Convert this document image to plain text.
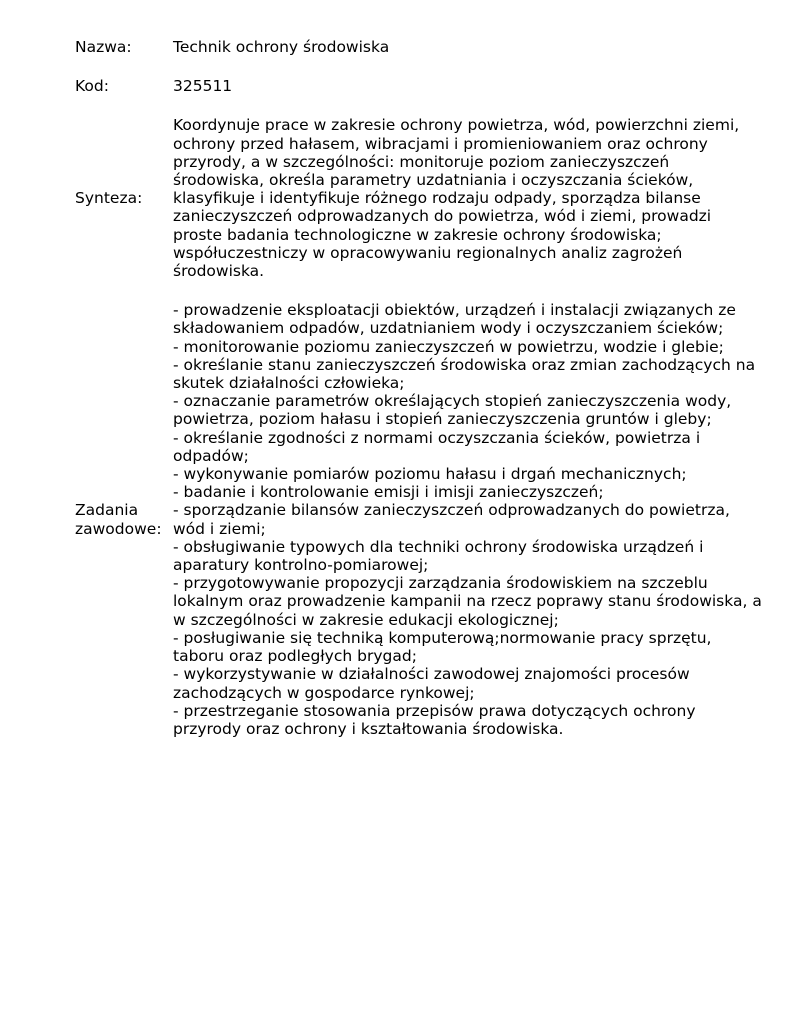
Nazwa:	Technik ochrony środowiska
Kod:	325511
Synteza:
Koordynuje prace w zakresie ochrony powietrza, wód, powierzchni ziemi, ochrony przed hałasem, wibracjami i promieniowaniem oraz ochrony przyrody, a w szczególności: monitoruje poziom zanieczyszczeń środowiska, określa parametry uzdatniania i oczyszczania ścieków, klasyfikuje i identyfikuje różnego rodzaju odpady, sporządza bilanse zanieczyszczeń odprowadzanych do powietrza, wód i ziemi, prowadzi proste badania technologiczne w zakresie ochrony środowiska; współuczestniczy w opracowywaniu regionalnych analiz zagrożeń środowiska.
Zadania
zawodowe:
- prowadzenie eksploatacji obiektów, urządzeń i instalacji związanych ze składowaniem odpadów, uzdatnianiem wody i oczyszczaniem ścieków;
- monitorowanie poziomu zanieczyszczeń w powietrzu, wodzie i glebie;
- określanie stanu zanieczyszczeń środowiska oraz zmian zachodzących na skutek działalności człowieka;
- oznaczanie parametrów określających stopień zanieczyszczenia wody, powietrza, poziom hałasu i stopień zanieczyszczenia gruntów i gleby;
- określanie zgodności z normami oczyszczania ścieków, powietrza i odpadów;
- wykonywanie pomiarów poziomu hałasu i drgań mechanicznych;
- badanie i kontrolowanie emisji i imisji zanieczyszczeń;
- sporządzanie bilansów zanieczyszczeń odprowadzanych do powietrza, wód i ziemi;
- obsługiwanie typowych dla techniki ochrony środowiska urządzeń i aparatury kontrolno-pomiarowej;
- przygotowywanie propozycji zarządzania środowiskiem na szczeblu lokalnym oraz prowadzenie kampanii na rzecz poprawy stanu środowiska, a w szczególności w zakresie edukacji ekologicznej;
- posługiwanie się techniką komputerową;normowanie pracy sprzętu, taboru oraz podległych brygad;
- wykorzystywanie w działalności zawodowej znajomości procesów zachodzących w gospodarce rynkowej;
- przestrzeganie stosowania przepisów prawa dotyczących ochrony przyrody oraz ochrony i kształtowania środowiska.
